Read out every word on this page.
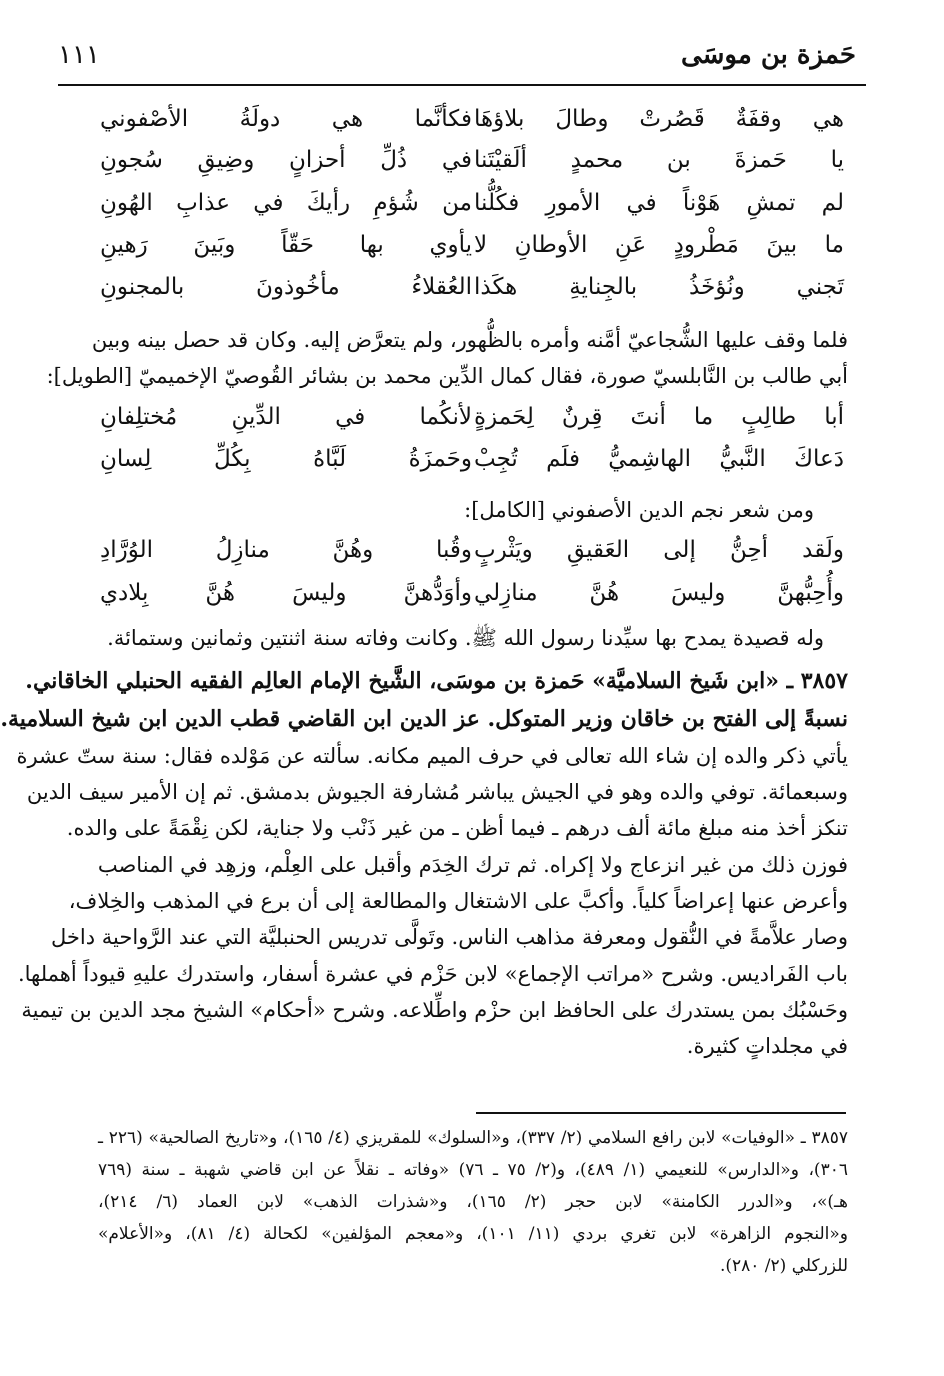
حَمزة بن موسَى
١١١
هي وقفَةٌ قَصُرتْ وطالَ بلاؤهَا
فكأنَّما هي دولَةُ الأصْفوني
يا حَمزةَ بن محمدٍ ألَقيْتَنا
في ذُلِّ أحزانٍ وضِيقِ سُجونِ
لم تمشِ هَوْناً في الأمورِ فكُلُّنا
من شُؤمِ رأيكَ في عذابِ الهُونِ
ما بينَ مَطْرودٍ عَنِ الأوطانِ لا
يأوي بها حَقّاً وبَينَ رَهينِ
تَجني ونُؤخَذُ بالجِنايةِ هكَذا
العُقلاءُ مأخُوذونَ بالمجنونِ
فلما وقف عليها الشُّجاعيّ أمَّنه وأمره بالظُّهور، ولم يتعرَّض إليه. وكان قد حصل بينه وبين
أبي طالب بن النَّابلسيّ صورة، فقال كمال الدِّين محمد بن بشائر القُوصيّ الإخميميّ [الطويل]:
أبا طالِبٍ ما أنتَ قِرنٌ لِحَمزةٍ
لأنكُما في الدِّينِ مُختلِفانِ
دَعاكَ النَّبيُّ الهاشِميُّ فلَم تُجِبْ
وحَمزَةُ لَبَّاهُ بِكُلِّ لِسانِ
ومن شعر نجم الدين الأصفوني [الكامل]:
ولَقد أحِنُّ إلى العَقيقِ ويَثْربٍ
وقُبا وهُنَّ منازِلُ الوُرَّادِ
وأُحِبُّهنَّ وليسَ هُنَّ منازِلي
وأوَدُّهنَّ وليسَ هُنَّ بِلادي
وله قصيدة يمدح بها سيِّدنا رسول الله ﷺ. وكانت وفاته سنة اثنتين وثمانين وستمائة.
٣٨٥٧ ـ «ابن شَيخ السلاميَّة» حَمزة بن موسَى، الشَّيخ الإمام العالِم الفقيه الحنبلي الخاقاني.
نسبةً إلى الفتح بن خاقان وزير المتوكل. عز الدين ابن القاضي قطب الدين ابن شيخ السلامية.
يأتي ذكر والده إن شاء الله تعالى في حرف الميم مكانه. سألته عن مَوْلده فقال: سنة ستّ عشرة
وسبعمائة. توفي والده وهو في الجيش يباشر مُشارفة الجيوش بدمشق. ثم إن الأمير سيف الدين
تنكز أخذ منه مبلغ مائة ألف درهم ـ فيما أظن ـ من غير ذَنْب ولا جناية، لكن نِقْمَةً على والده.
فوزن ذلك من غير انزعاج ولا إكراه. ثم ترك الخِدَم وأقبل على العِلْم، وزهِد في المناصب
وأعرض عنها إعراضاً كلياً. وأكبَّ على الاشتغال والمطالعة إلى أن برع في المذهب والخِلاف،
وصار علاَّمةً في النُّقول ومعرفة مذاهب الناس. وتَولَّى تدريس الحنبليَّة التي عند الرَّواحية داخل
باب الفَراديس. وشرح «مراتب الإجماع» لابن حَزْم في عشرة أسفار، واستدرك عليهِ قيوداً أهملها.
وحَسْبُك بمن يستدرك على الحافظ ابن حزْم واطِّلاعه. وشرح «أحكام» الشيخ مجد الدين بن تيمية
في مجلداتٍ كثيرة.
٣٨٥٧ ـ «الوفيات» لابن رافع السلامي (٢/ ٣٣٧)، و«السلوك» للمقريزي (٤/ ١٦٥)، و«تاريخ الصالحية» (٢٢٦ ـ
٣٠٦)، و«الدارس» للنعيمي (١/ ٤٨٩)، و(٢/ ٧٥ ـ ٧٦) «وفاته ـ نقلاً عن ابن قاضي شهبة ـ سنة (٧٦٩
هـ)»، و«الدرر الكامنة» لابن حجر (٢/ ١٦٥)، و«شذرات الذهب» لابن العماد (٦/ ٢١٤)،
و«النجوم الزاهرة» لابن تغري بردي (١١/ ١٠١)، و«معجم المؤلفين» لكحالة (٤/ ٨١)، و«الأعلام»
للزركلي (٢/ ٢٨٠).
